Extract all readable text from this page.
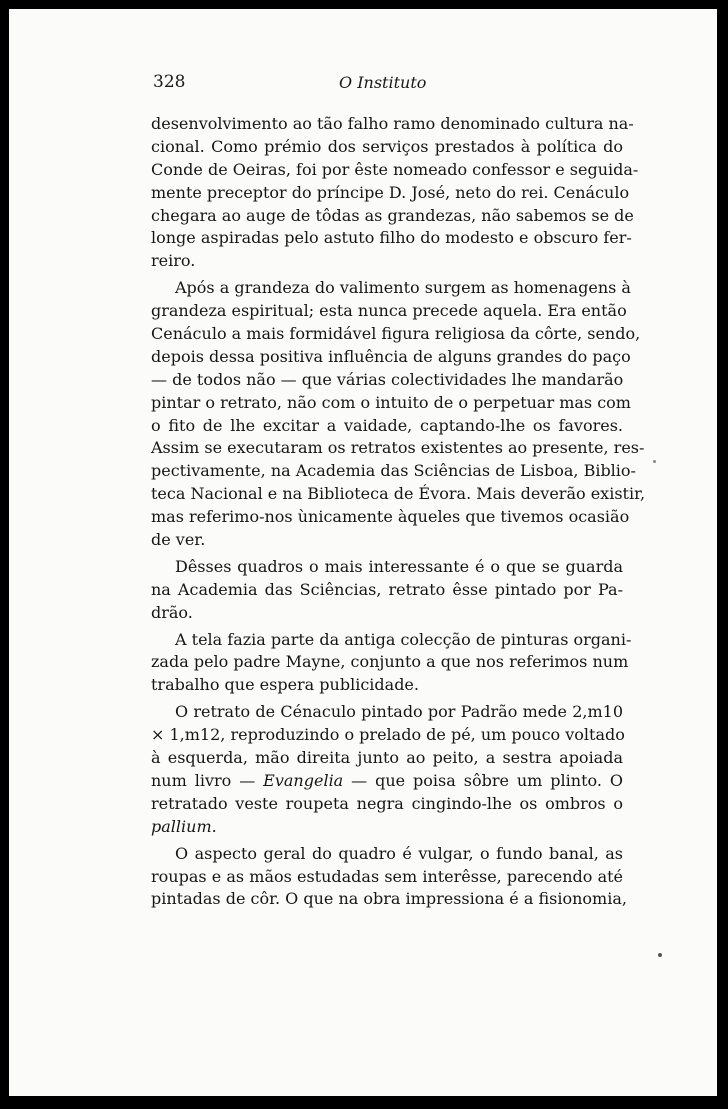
328	O Instituto
desenvolvimento ao tão falho ramo denominado cultura na-
cional. Como prémio dos serviços prestados à política do
Conde de Oeiras, foi por êste nomeado confessor e seguida-
mente preceptor do príncipe D. José, neto do rei. Cenáculo
chegara ao auge de tôdas as grandezas, não sabemos se de
longe aspiradas pelo astuto filho do modesto e obscuro fer-
reiro.
Após a grandeza do valimento surgem as homenagens à
grandeza espiritual; esta nunca precede aquela. Era então
Cenáculo a mais formidável figura religiosa da côrte, sendo,
depois dessa positiva influência de alguns grandes do paço
— de todos não — que várias colectividades lhe mandarão
pintar o retrato, não com o intuito de o perpetuar mas com
o fito de lhe excitar a vaidade, captando-lhe os favores.
Assim se executaram os retratos existentes ao presente, res-
pectivamente, na Academia das Sciências de Lisboa, Biblio-
teca Nacional e na Biblioteca de Évora. Mais deverão existir,
mas referimo-nos ùnicamente àqueles que tivemos ocasião
de ver.
Dêsses quadros o mais interessante é o que se guarda
na Academia das Sciências, retrato êsse pintado por Pa-
drão.
A tela fazia parte da antiga colecção de pinturas organi-
zada pelo padre Mayne, conjunto a que nos referimos num
trabalho que espera publicidade.
O retrato de Cénaculo pintado por Padrão mede 2,m10
× 1,m12, reproduzindo o prelado de pé, um pouco voltado
à esquerda, mão direita junto ao peito, a sestra apoiada
num livro — Evangelia — que poisa sôbre um plinto. O
retratado veste roupeta negra cingindo-lhe os ombros o
pallium.
O aspecto geral do quadro é vulgar, o fundo banal, as
roupas e as mãos estudadas sem interêsse, parecendo até
pintadas de côr. O que na obra impressiona é a fisionomia,
